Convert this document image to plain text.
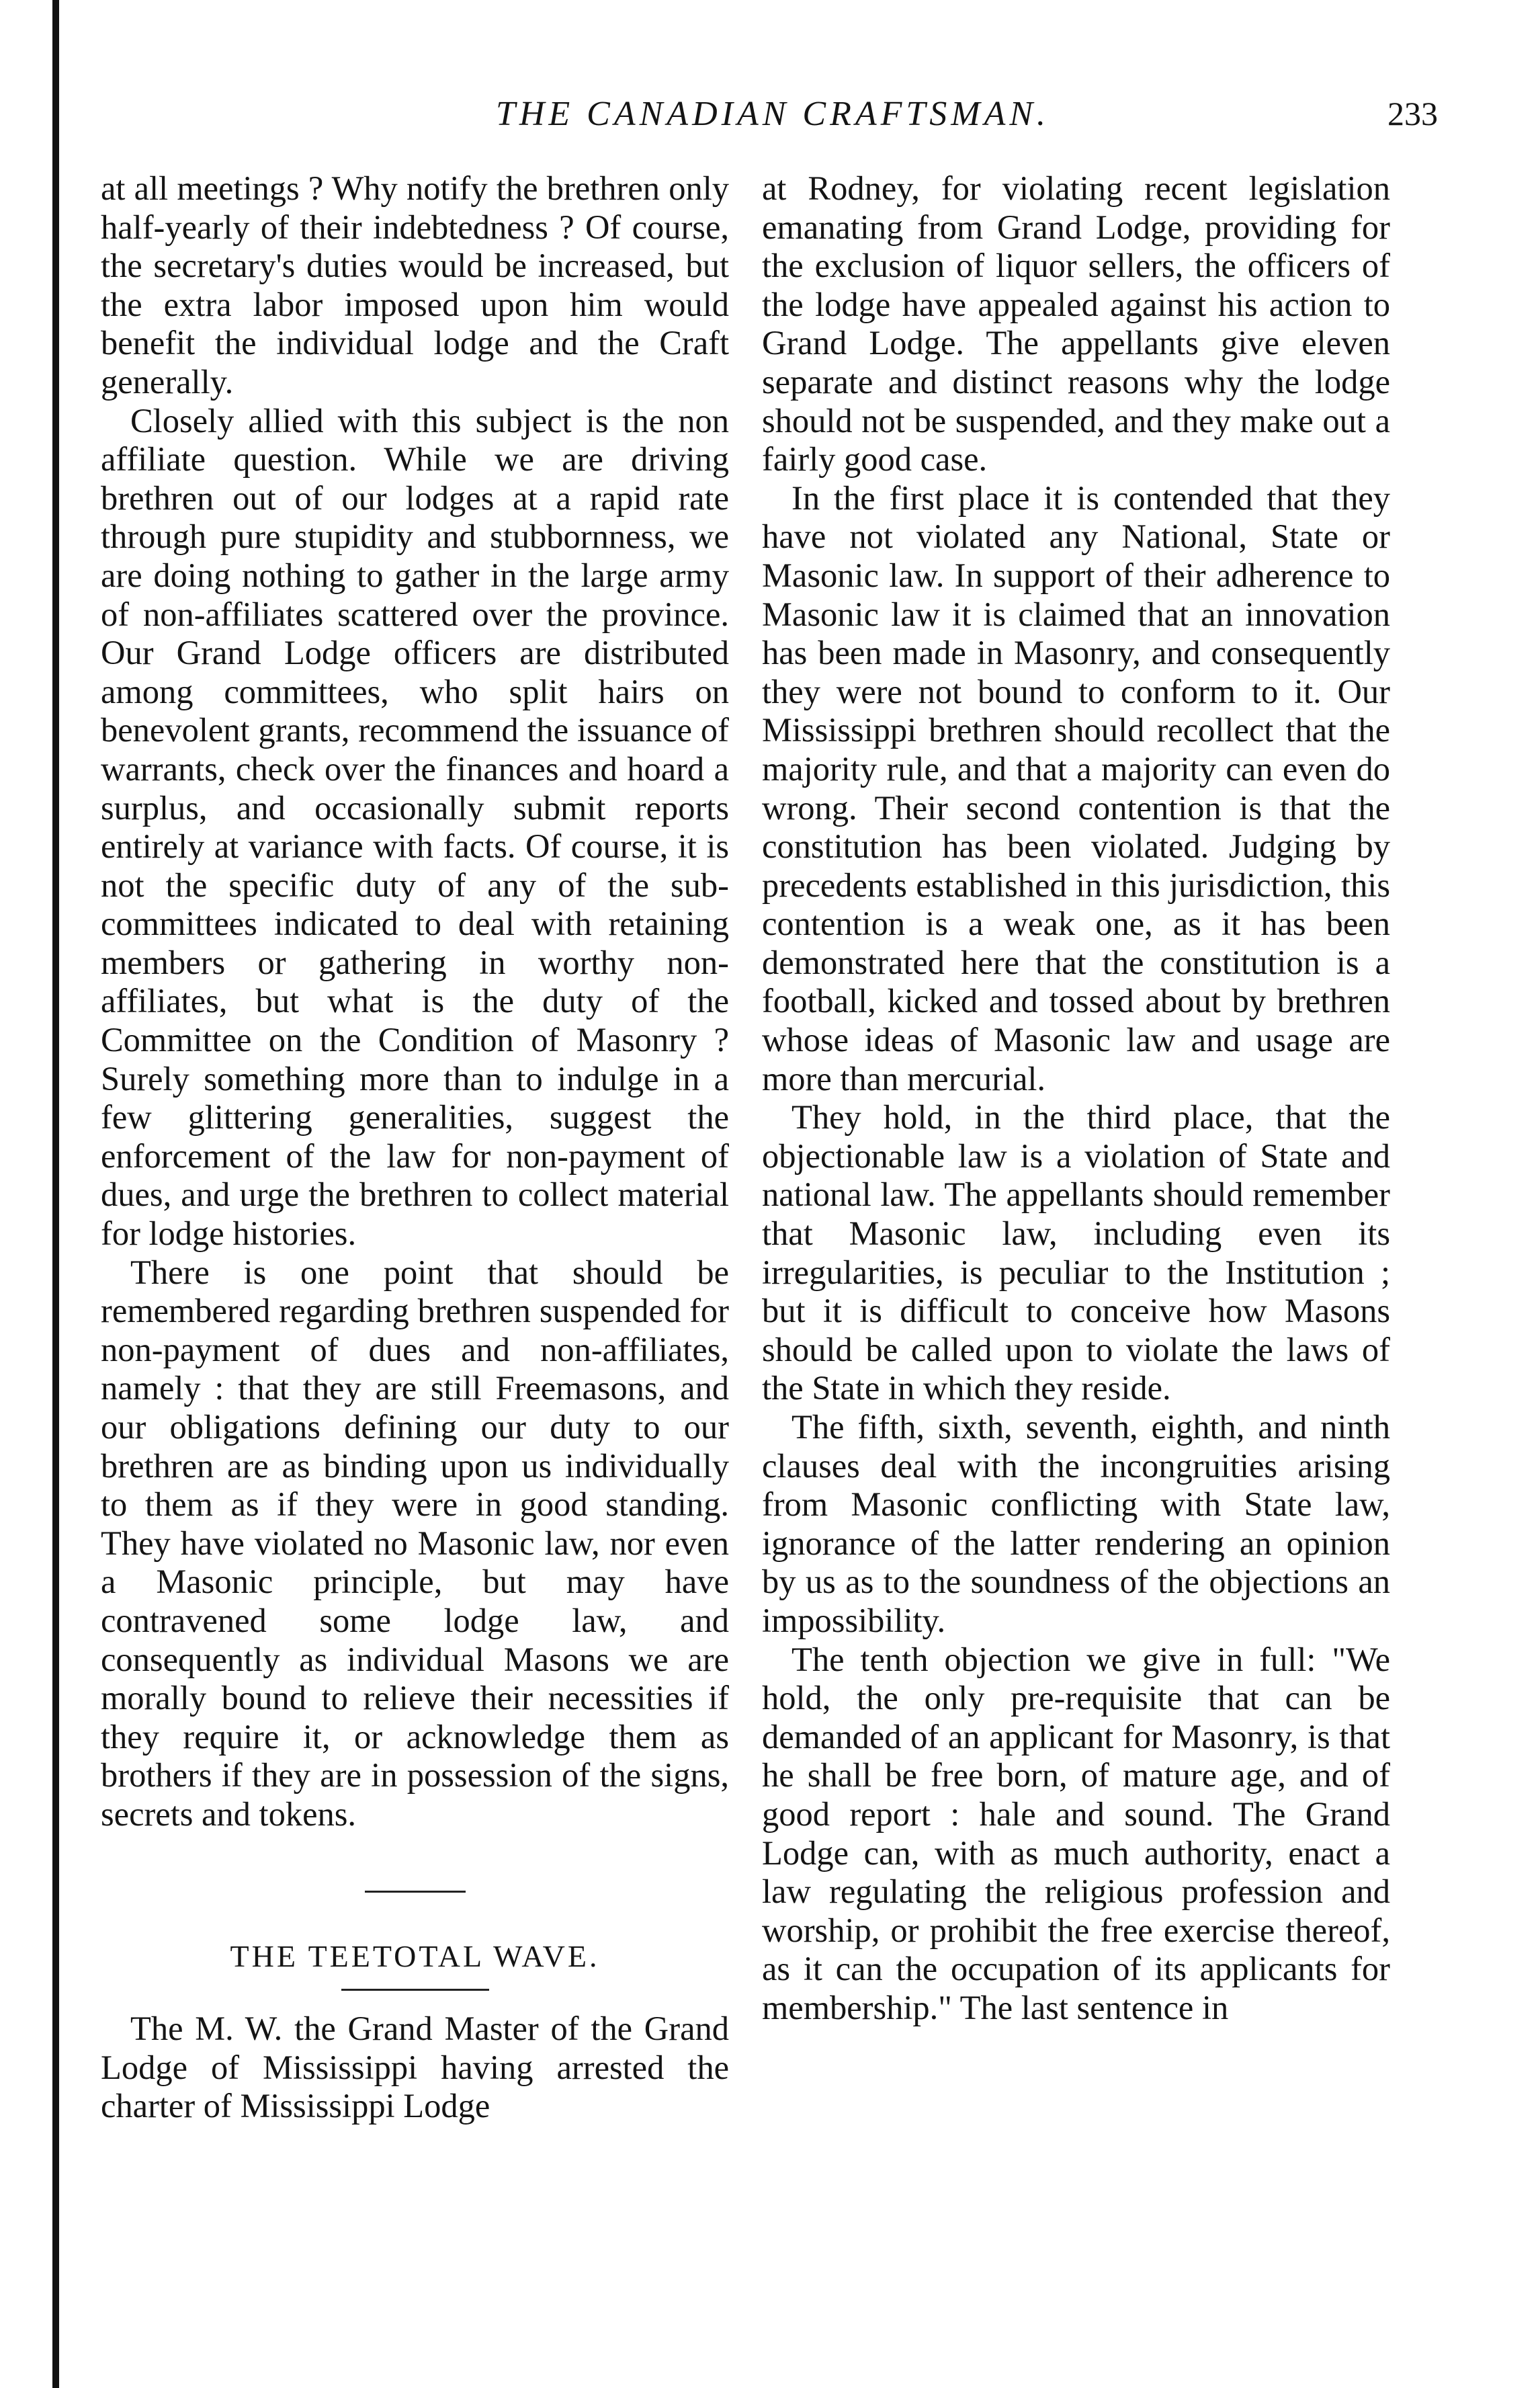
THE CANADIAN CRAFTSMAN.	233

at all meetings ? Why notify the brethren only half-yearly of their indebtedness ? Of course, the secretary's duties would be increased, but the extra labor imposed upon him would benefit the individual lodge and the Craft generally.

Closely allied with this subject is the non affiliate question. While we are driving brethren out of our lodges at a rapid rate through pure stupidity and stubbornness, we are doing nothing to gather in the large army of non-affiliates scattered over the province. Our Grand Lodge officers are distributed among committees, who split hairs on benevolent grants, recommend the issuance of warrants, check over the finances and hoard a surplus, and occasionally submit reports entirely at variance with facts. Of course, it is not the specific duty of any of the sub-committees indicated to deal with retaining members or gathering in worthy non-affiliates, but what is the duty of the Committee on the Condition of Masonry ? Surely something more than to indulge in a few glittering generalities, suggest the enforcement of the law for non-payment of dues, and urge the brethren to collect material for lodge histories.

There is one point that should be remembered regarding brethren suspended for non-payment of dues and non-affiliates, namely : that they are still Freemasons, and our obligations defining our duty to our brethren are as binding upon us individually to them as if they were in good standing. They have violated no Masonic law, nor even a Masonic principle, but may have contravened some lodge law, and consequently as individual Masons we are morally bound to relieve their necessities if they require it, or acknowledge them as brothers if they are in possession of the signs, secrets and tokens.

THE TEETOTAL WAVE.

The M. W. the Grand Master of the Grand Lodge of Mississippi having arrested the charter of Mississippi Lodge

at Rodney, for violating recent legislation emanating from Grand Lodge, providing for the exclusion of liquor sellers, the officers of the lodge have appealed against his action to Grand Lodge. The appellants give eleven separate and distinct reasons why the lodge should not be suspended, and they make out a fairly good case.

In the first place it is contended that they have not violated any National, State or Masonic law. In support of their adherence to Masonic law it is claimed that an innovation has been made in Masonry, and consequently they were not bound to conform to it. Our Mississippi brethren should recollect that the majority rule, and that a majority can even do wrong. Their second contention is that the constitution has been violated. Judging by precedents established in this jurisdiction, this contention is a weak one, as it has been demonstrated here that the constitution is a football, kicked and tossed about by brethren whose ideas of Masonic law and usage are more than mercurial.

They hold, in the third place, that the objectionable law is a violation of State and national law. The appellants should remember that Masonic law, including even its irregularities, is peculiar to the Institution ; but it is difficult to conceive how Masons should be called upon to violate the laws of the State in which they reside.

The fifth, sixth, seventh, eighth, and ninth clauses deal with the incongruities arising from Masonic conflicting with State law, ignorance of the latter rendering an opinion by us as to the soundness of the objections an impossibility.

The tenth objection we give in full: "We hold, the only pre-requisite that can be demanded of an applicant for Masonry, is that he shall be free born, of mature age, and of good report : hale and sound. The Grand Lodge can, with as much authority, enact a law regulating the religious profession and worship, or prohibit the free exercise thereof, as it can the occupation of its applicants for membership." The last sentence in
